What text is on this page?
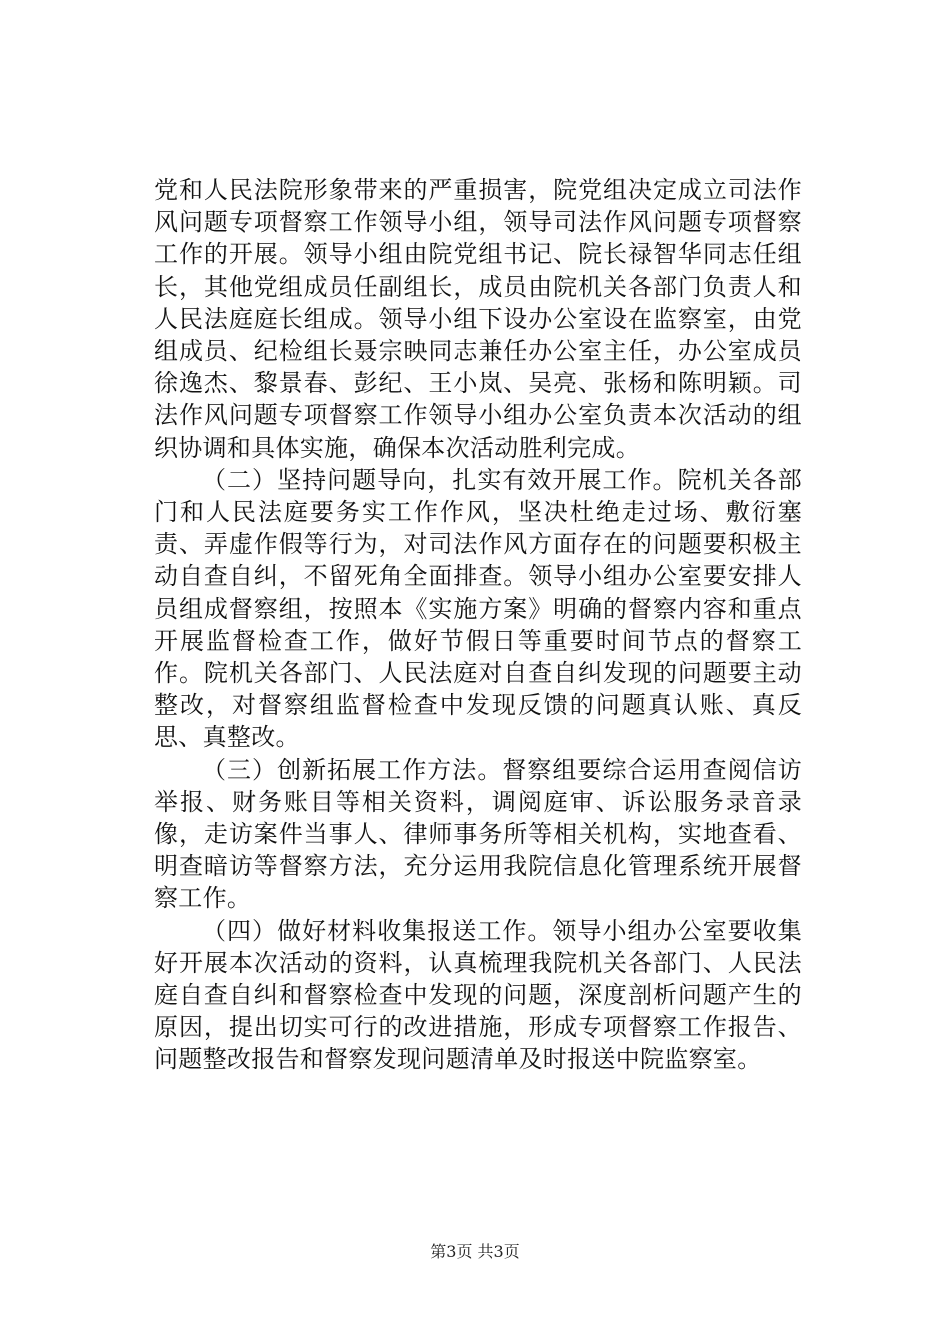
党和人民法院形象带来的严重损害，院党组决定成立司法作风问题专项督察工作领导小组，领导司法作风问题专项督察工作的开展。领导小组由院党组书记、院长禄智华同志任组长，其他党组成员任副组长，成员由院机关各部门负责人和人民法庭庭长组成。领导小组下设办公室设在监察室，由党组成员、纪检组长聂宗映同志兼任办公室主任，办公室成员徐逸杰、黎景春、彭纪、王小岚、吴亮、张杨和陈明颖。司法作风问题专项督察工作领导小组办公室负责本次活动的组织协调和具体实施，确保本次活动胜利完成。

（二）坚持问题导向，扎实有效开展工作。院机关各部门和人民法庭要务实工作作风，坚决杜绝走过场、敷衍塞责、弄虚作假等行为，对司法作风方面存在的问题要积极主动自查自纠，不留死角全面排查。领导小组办公室要安排人员组成督察组，按照本《实施方案》明确的督察内容和重点开展监督检查工作，做好节假日等重要时间节点的督察工作。院机关各部门、人民法庭对自查自纠发现的问题要主动整改，对督察组监督检查中发现反馈的问题真认账、真反思、真整改。

（三）创新拓展工作方法。督察组要综合运用查阅信访举报、财务账目等相关资料，调阅庭审、诉讼服务录音录像，走访案件当事人、律师事务所等相关机构，实地查看、明查暗访等督察方法，充分运用我院信息化管理系统开展督察工作。

（四）做好材料收集报送工作。领导小组办公室要收集好开展本次活动的资料，认真梳理我院机关各部门、人民法庭自查自纠和督察检查中发现的问题，深度剖析问题产生的原因，提出切实可行的改进措施，形成专项督察工作报告、问题整改报告和督察发现问题清单及时报送中院监察室。

第3页 共3页
